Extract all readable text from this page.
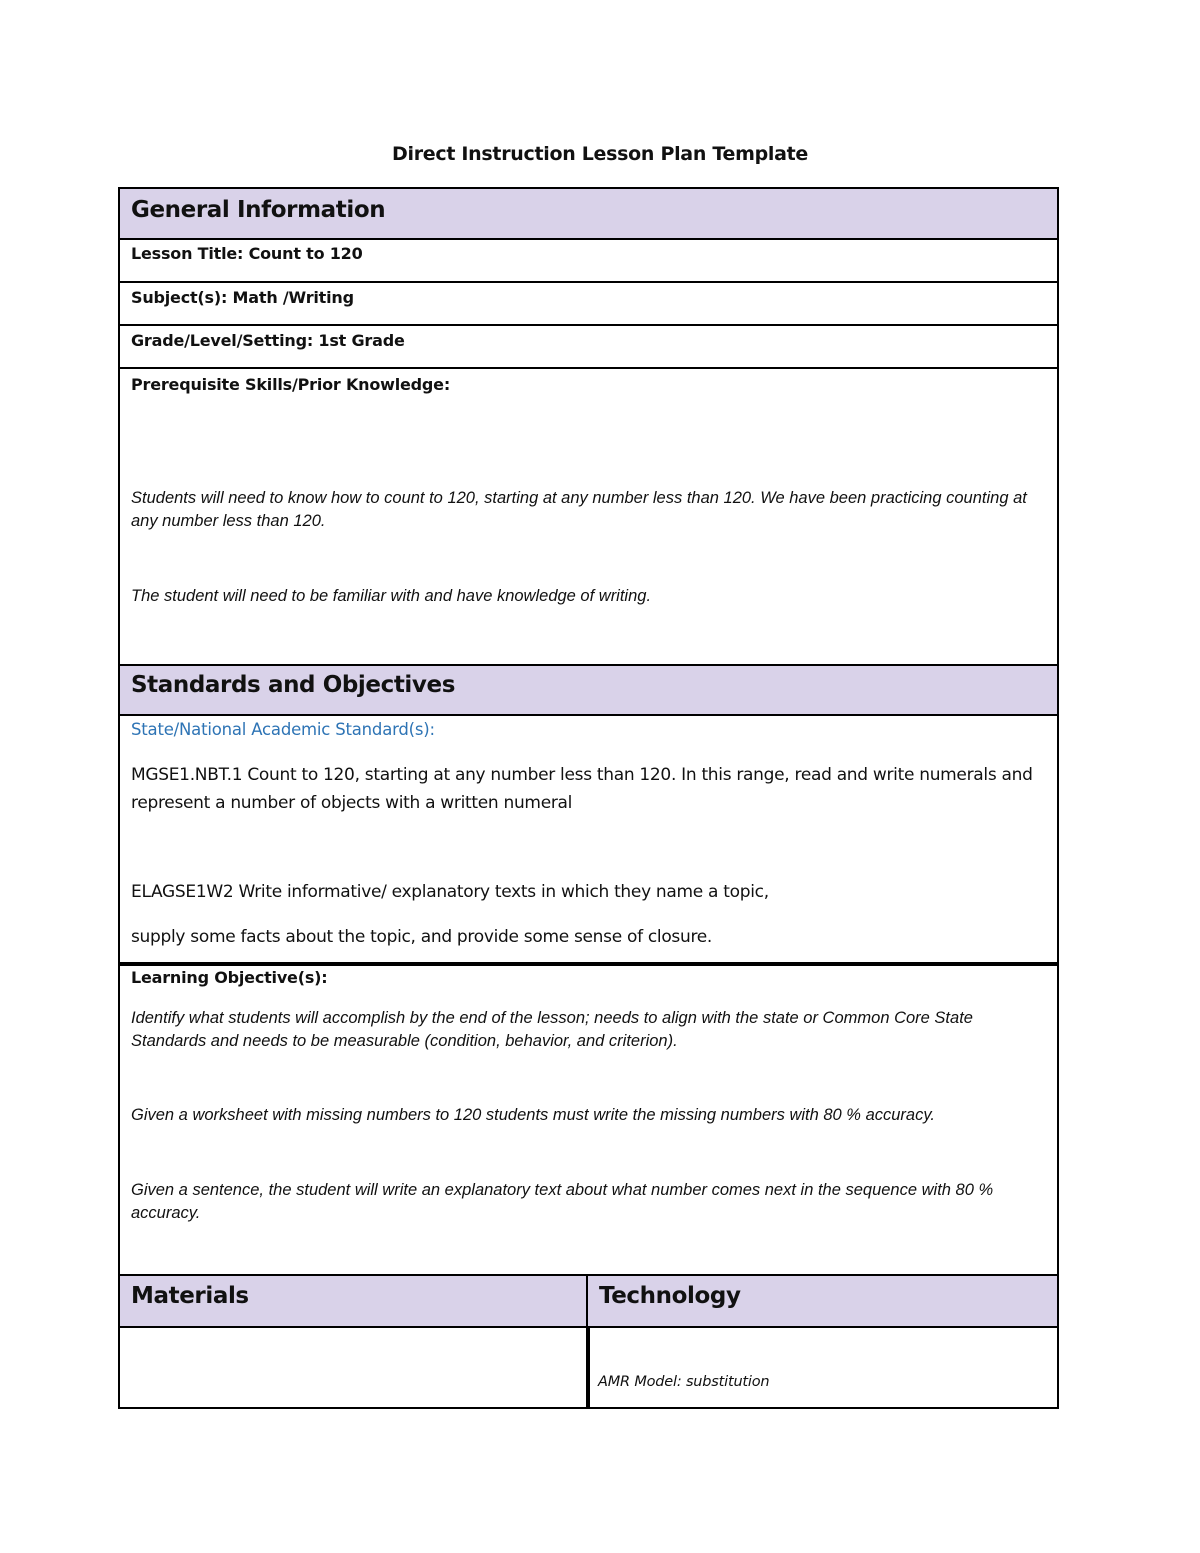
Direct Instruction Lesson Plan Template
General Information
Lesson Title: Count to 120
Subject(s): Math /Writing
Grade/Level/Setting: 1st Grade
Prerequisite Skills/Prior Knowledge:
Students will need to know how to count to 120, starting at any number less than 120. We have been practicing counting at any number less than 120.
The student will need to be familiar with and have knowledge of writing.
Standards and Objectives
State/National Academic Standard(s):
MGSE1.NBT.1 Count to 120, starting at any number less than 120. In this range, read and write numerals and represent a number of objects with a written numeral
ELAGSE1W2 Write informative/ explanatory texts in which they name a topic,
supply some facts about the topic, and provide some sense of closure.
Learning Objective(s):
Identify what students will accomplish by the end of the lesson; needs to align with the state or Common Core State Standards and needs to be measurable (condition, behavior, and criterion).
Given a worksheet with missing numbers to 120 students must write the missing numbers with 80 % accuracy.
Given a sentence, the student will write an explanatory text about what number comes next in the sequence with 80 % accuracy.
Materials	Technology
AMR Model: substitution
